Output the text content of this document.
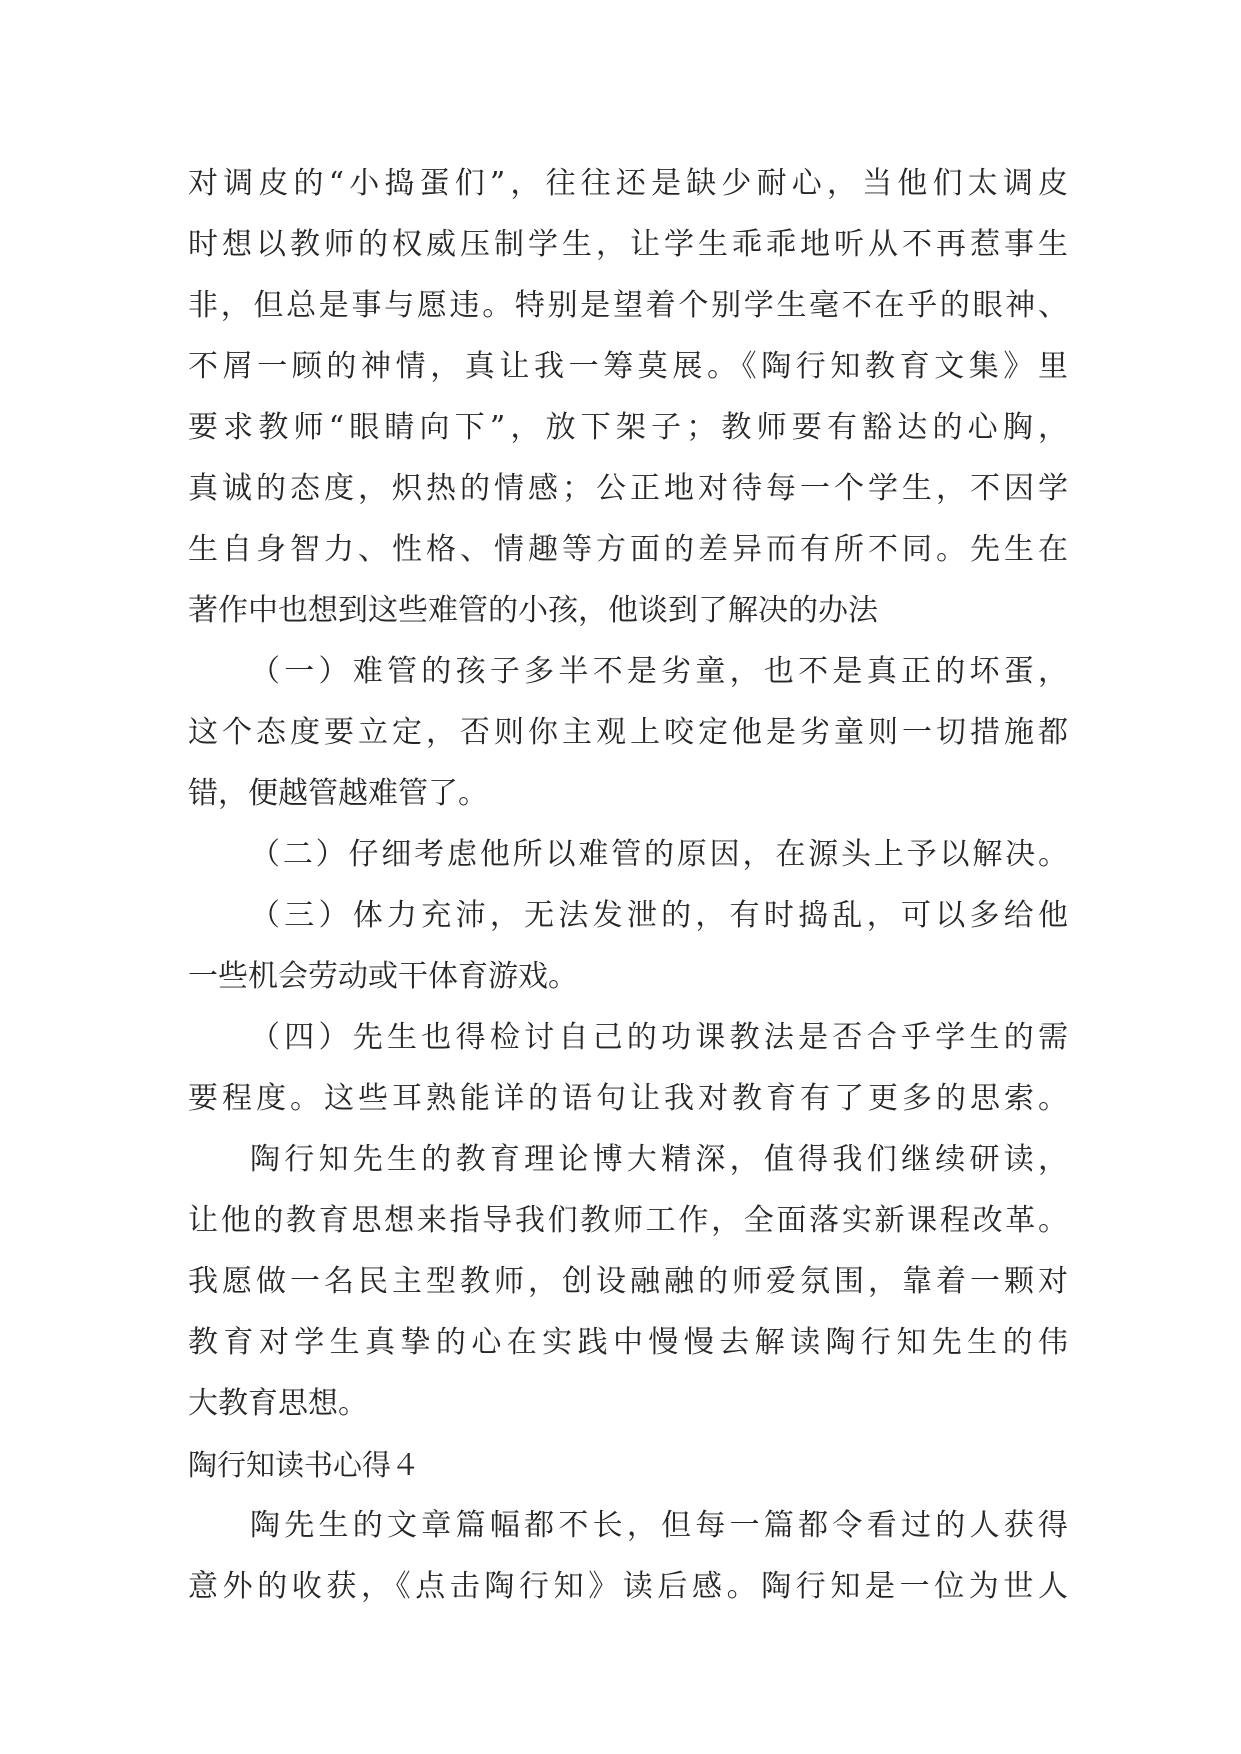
对调皮的“小捣蛋们”，往往还是缺少耐心，当他们太调皮
时想以教师的权威压制学生，让学生乖乖地听从不再惹事生
非，但总是事与愿违。特别是望着个别学生毫不在乎的眼神、
不屑一顾的神情，真让我一筹莫展。《陶行知教育文集》里
要求教师“眼睛向下”，放下架子；教师要有豁达的心胸，
真诚的态度，炽热的情感；公正地对待每一个学生，不因学
生自身智力、性格、情趣等方面的差异而有所不同。先生在
著作中也想到这些难管的小孩，他谈到了解决的办法
（一）难管的孩子多半不是劣童，也不是真正的坏蛋，
这个态度要立定，否则你主观上咬定他是劣童则一切措施都
错，便越管越难管了。
（二）仔细考虑他所以难管的原因，在源头上予以解决。
（三）体力充沛，无法发泄的，有时捣乱，可以多给他
一些机会劳动或干体育游戏。
（四）先生也得检讨自己的功课教法是否合乎学生的需
要程度。这些耳熟能详的语句让我对教育有了更多的思索。
陶行知先生的教育理论博大精深，值得我们继续研读，
让他的教育思想来指导我们教师工作，全面落实新课程改革。
我愿做一名民主型教师，创设融融的师爱氛围，靠着一颗对
教育对学生真挚的心在实践中慢慢去解读陶行知先生的伟
大教育思想。
陶行知读书心得４
陶先生的文章篇幅都不长，但每一篇都令看过的人获得
意外的收获，《点击陶行知》读后感。陶行知是一位为世人
